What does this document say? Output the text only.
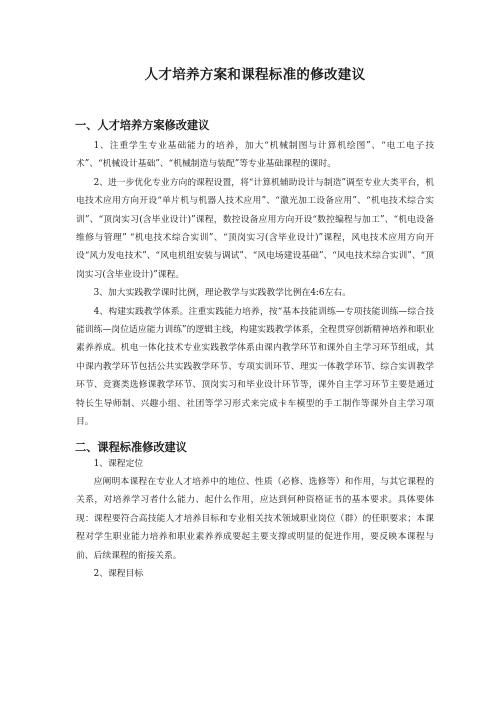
人才培养方案和课程标准的修改建议
一、人才培养方案修改建议

1、注重学生专业基础能力的培养，加大“机械制图与计算机绘图”、“电工电子技术”、“机械设计基础”、“机械制造与装配”等专业基础课程的课时。

2、进一步优化专业方向的课程设置，将“计算机辅助设计与制造”调至专业大类平台，机电技术应用方向开设“单片机与机器人技术应用”、“激光加工设备应用”、“机电技术综合实训”、“顶岗实习(含毕业设计)”课程，数控设备应用方向开设“数控编程与加工”、“机电设备维修与管理” “机电技术综合实训”、“顶岗实习(含毕业设计)”课程，风电技术应用方向开设“风力发电技术”、“风电机组安装与调试”、“风电场建设基础”、“风电技术综合实训”、“顶岗实习(含毕业设计)”课程。

3、加大实践教学课时比例，理论教学与实践教学比例在4:6左右。

4、构建实践教学体系。注重实践能力培养，按“基本技能训练—专项技能训练—综合技能训练—岗位适应能力训练”的逻辑主线，构建实践教学体系，全程贯穿创新精神培养和职业素养养成。机电一体化技术专业实践教学体系由课内教学环节和课外自主学习环节组成，其中课内教学环节包括公共实践教学环节、专项实训环节、理实一体教学环节、综合实训教学环节、竞赛类选修课教学环节、顶岗实习和毕业设计环节等，课外自主学习环节主要是通过特长生导师制、兴趣小组、社团等学习形式来完成卡车模型的手工制作等课外自主学习项目。

二、课程标准修改建议

1、课程定位

应阐明本课程在专业人才培养中的地位、性质（必修、选修等）和作用，与其它课程的关系，对培养学习者什么能力、起什么作用，应达到何种资格证书的基本要求。具体要体现：课程要符合高技能人才培养目标和专业相关技术领域职业岗位（群）的任职要求；本课程对学生职业能力培养和职业素养养成要起主要支撑或明显的促进作用，要反映本课程与前、后续课程的衔接关系。

2、课程目标
